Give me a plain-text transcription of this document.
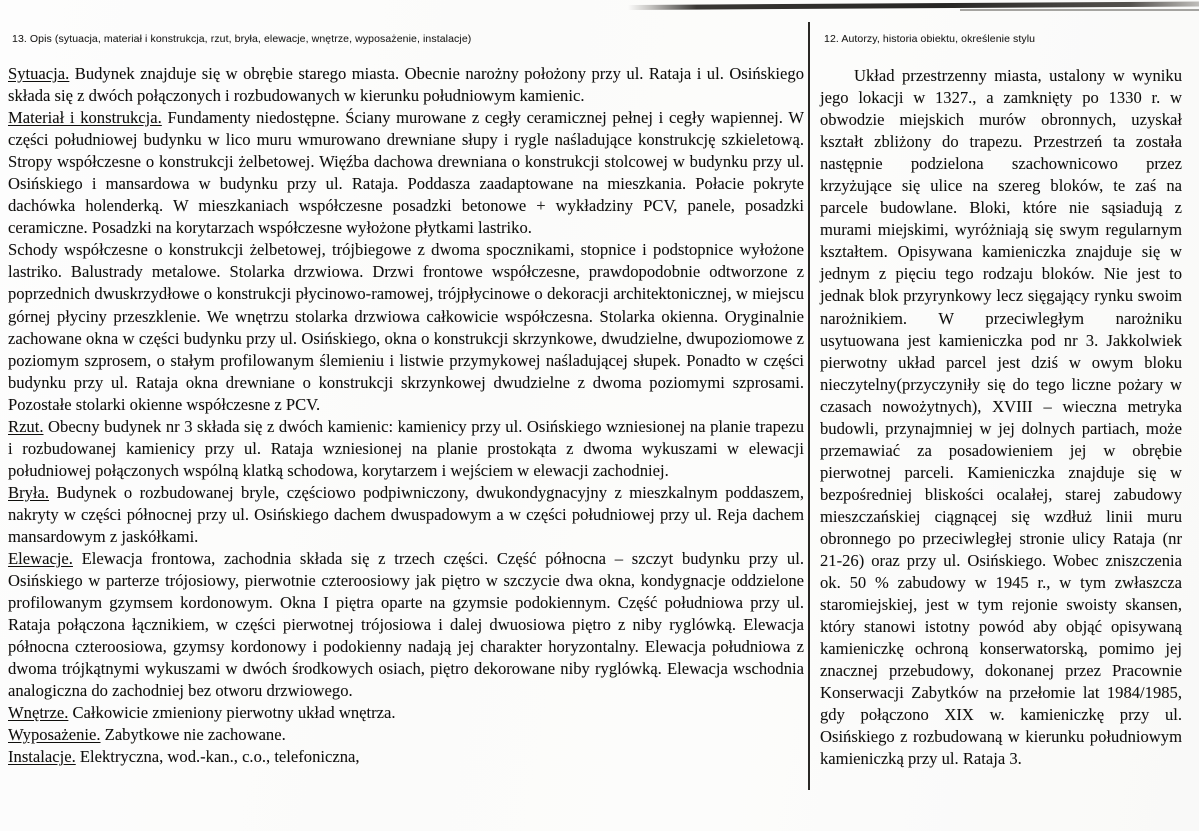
13. Opis (sytuacja, materiał i konstrukcja, rzut, bryła, elewacje, wnętrze, wyposażenie, instalacje)

Sytuacja. Budynek znajduje się w obrębie starego miasta. Obecnie narożny położony przy ul. Rataja i ul. Osińskiego składa się z dwóch połączonych i rozbudowanych w kierunku południowym kamienic.

Materiał i konstrukcja. Fundamenty niedostępne. Ściany murowane z cegły ceramicznej pełnej i cegły wapiennej. W części południowej budynku w lico muru wmurowano drewniane słupy i rygle naśladujące konstrukcję szkieletową. Stropy współczesne o konstrukcji żelbetowej. Więźba dachowa drewniana o konstrukcji stolcowej w budynku przy ul. Osińskiego i mansardowa w budynku przy ul. Rataja. Poddasza zaadaptowane na mieszkania. Połacie pokryte dachówka holenderką. W mieszkaniach współczesne posadzki betonowe + wykładziny PCV, panele, posadzki ceramiczne. Posadzki na korytarzach współczesne wyłożone płytkami lastriko.

Schody współczesne o konstrukcji żelbetowej, trójbiegowe z dwoma spocznikami, stopnice i podstopnice wyłożone lastriko. Balustrady metalowe. Stolarka drzwiowa. Drzwi frontowe współczesne, prawdopodobnie odtworzone z poprzednich dwuskrzydłowe o konstrukcji płycinowo-ramowej, trójpłycinowe o dekoracji architektonicznej, w miejscu górnej płyciny przeszklenie. We wnętrzu stolarka drzwiowa całkowicie współczesna. Stolarka okienna. Oryginalnie zachowane okna w części budynku przy ul. Osińskiego, okna o konstrukcji skrzynkowe, dwudzielne, dwupoziomowe z poziomym szprosem, o stałym profilowanym ślemieniu i listwie przymykowej naśladującej słupek. Ponadto w części budynku przy ul. Rataja okna drewniane o konstrukcji skrzynkowej dwudzielne z dwoma poziomymi szprosami. Pozostałe stolarki okienne współczesne z PCV.

Rzut. Obecny budynek nr 3 składa się z dwóch kamienic: kamienicy przy ul. Osińskiego wzniesionej na planie trapezu i rozbudowanej kamienicy przy ul. Rataja wzniesionej na planie prostokąta z dwoma wykuszami w elewacji południowej połączonych wspólną klatką schodowa, korytarzem i wejściem w elewacji zachodniej.

Bryła. Budynek o rozbudowanej bryle, częściowo podpiwniczony, dwukondygnacyjny z mieszkalnym poddaszem, nakryty w części północnej przy ul. Osińskiego dachem dwuspadowym a w części południowej przy ul. Reja dachem mansardowym z jaskółkami.

Elewacje. Elewacja frontowa, zachodnia składa się z trzech części. Część północna – szczyt budynku przy ul. Osińskiego w parterze trójosiowy, pierwotnie czteroosiowy jak piętro w szczycie dwa okna, kondygnacje oddzielone profilowanym gzymsem kordonowym. Okna I piętra oparte na gzymsie podokiennym. Część południowa przy ul. Rataja połączona łącznikiem, w części pierwotnej trójosiowa i dalej dwuosiowa piętro z niby ryglówką. Elewacja północna czteroosiowa, gzymsy kordonowy i podokienny nadają jej charakter horyzontalny. Elewacja południowa z dwoma trójkątnymi wykuszami w dwóch środkowych osiach, piętro dekorowane niby ryglówką. Elewacja wschodnia analogiczna do zachodniej bez otworu drzwiowego.

Wnętrze. Całkowicie zmieniony pierwotny układ wnętrza.

Wyposażenie. Zabytkowe nie zachowane.

Instalacje. Elektryczna, wod.-kan., c.o., telefoniczna,

12. Autorzy, historia obiektu, określenie stylu

Układ przestrzenny miasta, ustalony w wyniku jego lokacji w 1327., a zamknięty po 1330 r. w obwodzie miejskich murów obronnych, uzyskał kształt zbliżony do trapezu. Przestrzeń ta została następnie podzielona szachownicowo przez krzyżujące się ulice na szereg bloków, te zaś na parcele budowlane. Bloki, które nie sąsiadują z murami miejskimi, wyróżniają się swym regularnym kształtem. Opisywana kamieniczka znajduje się w jednym z pięciu tego rodzaju bloków. Nie jest to jednak blok przyrynkowy lecz sięgający rynku swoim narożnikiem. W przeciwległym narożniku usytuowana jest kamieniczka pod nr 3. Jakkolwiek pierwotny układ parcel jest dziś w owym bloku nieczytelny(przyczyniły się do tego liczne pożary w czasach nowożytnych), XVIII – wieczna metryka budowli, przynajmniej w jej dolnych partiach, może przemawiać za posadowieniem jej w obrębie pierwotnej parceli. Kamieniczka znajduje się w bezpośredniej bliskości ocalałej, starej zabudowy mieszczańskiej ciągnącej się wzdłuż linii muru obronnego po przeciwległej stronie ulicy Rataja (nr 21-26) oraz przy ul. Osińskiego. Wobec zniszczenia ok. 50 % zabudowy w 1945 r., w tym zwłaszcza staromiejskiej, jest w tym rejonie swoisty skansen, który stanowi istotny powód aby objąć opisywaną kamieniczkę ochroną konserwatorską, pomimo jej znacznej przebudowy, dokonanej przez Pracownie Konserwacji Zabytków na przełomie lat 1984/1985, gdy połączono XIX w. kamieniczkę przy ul. Osińskiego z rozbudowaną w kierunku południowym kamieniczką przy ul. Rataja 3.
